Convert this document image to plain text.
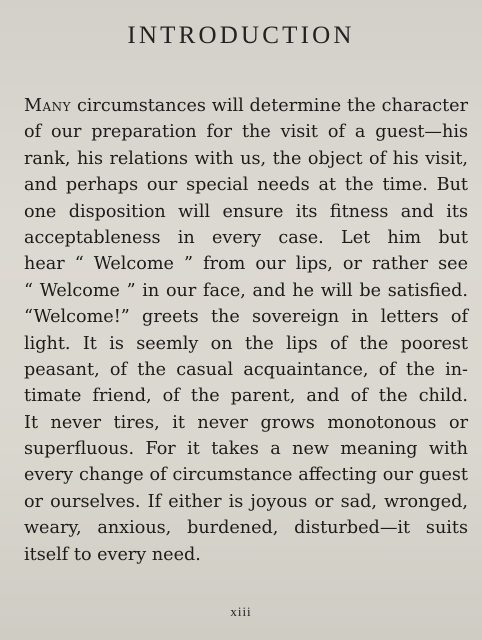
INTRODUCTION
Many circumstances will determine the character
of our preparation for the visit of a guest—his
rank, his relations with us, the object of his visit,
and perhaps our special needs at the time. But
one disposition will ensure its fitness and its
acceptableness in every case. Let him but
hear “ Welcome ” from our lips, or rather see
“ Welcome ” in our face, and he will be satisfied.
“Welcome!” greets the sovereign in letters of
light. It is seemly on the lips of the poorest
peasant, of the casual acquaintance, of the in-
timate friend, of the parent, and of the child.
It never tires, it never grows monotonous or
superfluous. For it takes a new meaning with
every change of circumstance affecting our guest
or ourselves. If either is joyous or sad, wronged,
weary, anxious, burdened, disturbed—it suits
itself to every need.
xiii
